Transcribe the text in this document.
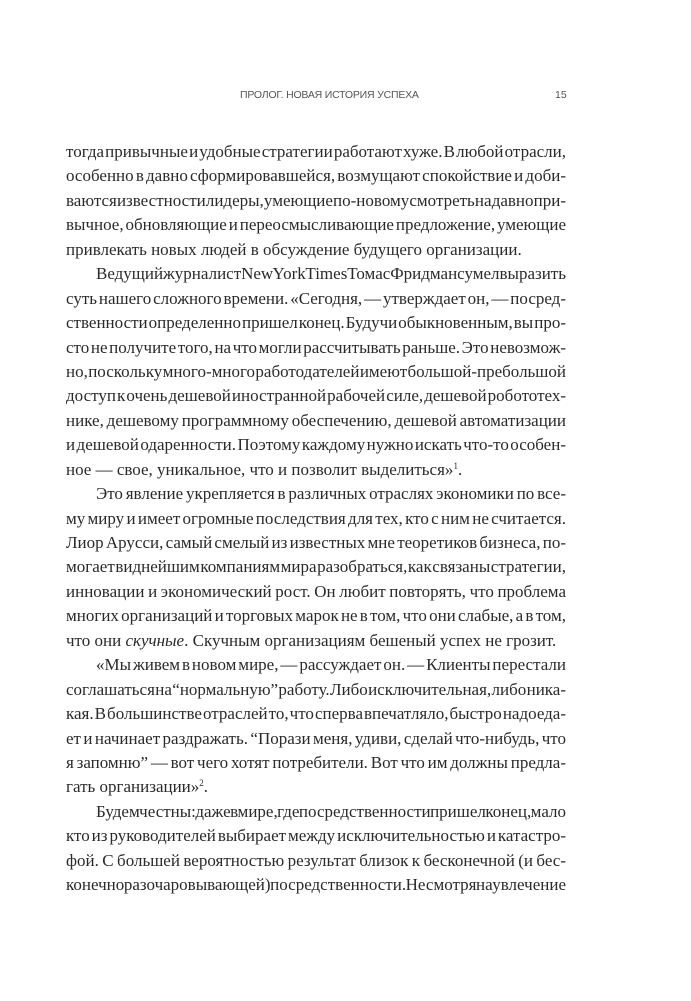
ПРОЛОГ. НОВАЯ ИСТОРИЯ УСПЕХА	15
тогда привычные и удобные стратегии работают хуже. В любой отрасли,
особенно в давно сформировавшейся, возмущают спокойствие и доби-
ваются известности лидеры, умеющие по-новому смотреть на давно при-
вычное, обновляющие и переосмысливающие предложение, умеющие
привлекать новых людей в обсуждение будущего организации.
Ведущий журналист New York Times Томас Фридман сумел выразить
суть нашего сложного времени. «Сегодня, — утверждает он, — посред-
ственности определенно пришел конец. Будучи обыкновенным, вы про-
сто не получите того, на что могли рассчитывать раньше. Это невозмож-
но, поскольку много-много работодателей имеют большой-пребольшой
доступ к очень дешевой иностранной рабочей силе, дешевой робототех-
нике, дешевому программному обеспечению, дешевой автоматизации
и дешевой одаренности. Поэтому каждому нужно искать что-то особен-
ное — свое, уникальное, что и позволит выделиться»$^1$.
Это явление укрепляется в различных отраслях экономики по все-
му миру и имеет огромные последствия для тех, кто с ним не считается.
Лиор Арусси, самый смелый из известных мне теоретиков бизнеса, по-
могает виднейшим компаниям мира разобраться, как связаны стратегии,
инновации и экономический рост. Он любит повторять, что проблема
многих организаций и торговых марок не в том, что они слабые, а в том,
что они скучные. Скучным организациям бешеный успех не грозит.
«Мы живем в новом мире, — рассуждает он. — Клиенты перестали
соглашаться на “нормальную” работу. Либо исключительная, либо ника-
кая. В большинстве отраслей то, что сперва впечатляло, быстро надоеда-
ет и начинает раздражать. “Порази меня, удиви, сделай что-нибудь, что
я запомню” — вот чего хотят потребители. Вот что им должны предла-
гать организации»$^2$.
Будем честны: даже в мире, где посредственности пришел конец, мало
кто из руководителей выбирает между исключительностью и катастро-
фой. С большей вероятностью результат близок к бесконечной (и бес-
конечно разочаровывающей) посредственности. Несмотря на увлечение
